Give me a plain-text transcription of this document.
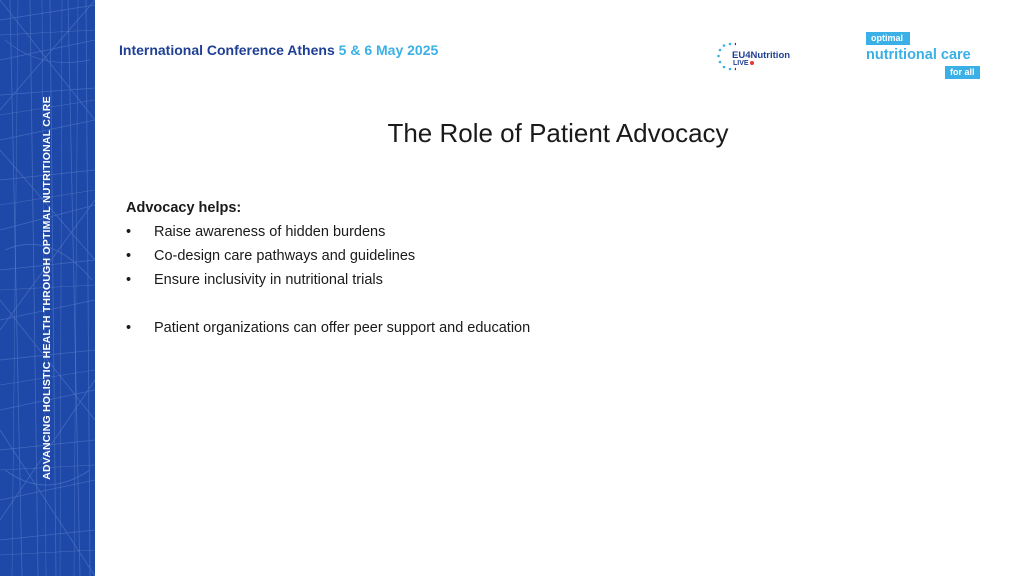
ADVANCING HOLISTIC HEALTH THROUGH OPTIMAL NUTRITIONAL CARE
International Conference Athens 5 & 6 May 2025	EU4Nutrition
LIVE
optimal
nutritional care
for all
The Role of Patient Advocacy
Advocacy helps:
•	Raise awareness of hidden burdens
•	Co-design care pathways and guidelines
•	Ensure inclusivity in nutritional trials
•	Patient organizations can offer peer support and education
